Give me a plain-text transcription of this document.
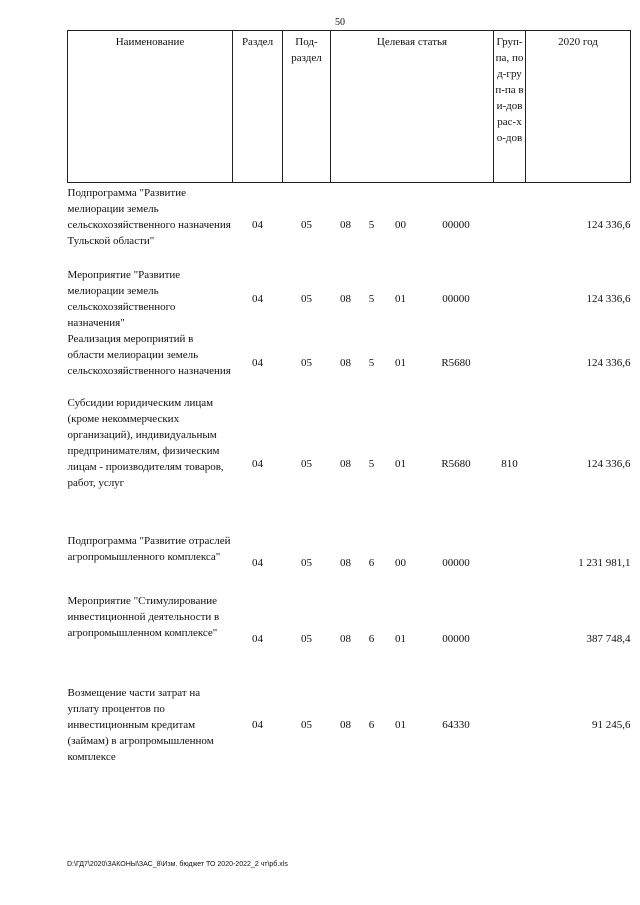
50
Наименование	Раздел	Под-раздел	Целевая статья	Груп-па, под-груп-па ви-дов рас-хо-дов	2020 год
Подпрограмма "Развитие мелиорации земель сельскохозяйственного назначения Тульской области"	04	05	08 5 00 00000		124 336,6
Мероприятие "Развитие мелиорации земель сельскохозяйственного назначения"	04	05	08 5 01 00000		124 336,6
Реализация мероприятий в области мелиорации земель сельскохозяйственного назначения	04	05	08 5 01 R5680		124 336,6
Субсидии юридическим лицам (кроме некоммерческих организаций), индивидуальным предпринимателям, физическим лицам - производителям товаров, работ, услуг	04	05	08 5 01 R5680	810	124 336,6
Подпрограмма "Развитие отраслей агропромышленного комплекса"	04	05	08 6 00 00000		1 231 981,1
Мероприятие "Стимулирование инвестиционной деятельности в агропромышленном комплексе"	04	05	08 6 01 00000		387 748,4
Возмещение части затрат на уплату процентов по инвестиционным кредитам (займам) в агропромышленном комплексе	04	05	08 6 01 64330		91 245,6
D:\ГД7\2020\ЗАКОНЫ\ЗАС_8\Изм. бюджет ТО 2020-2022_2 чт\рб.xls
